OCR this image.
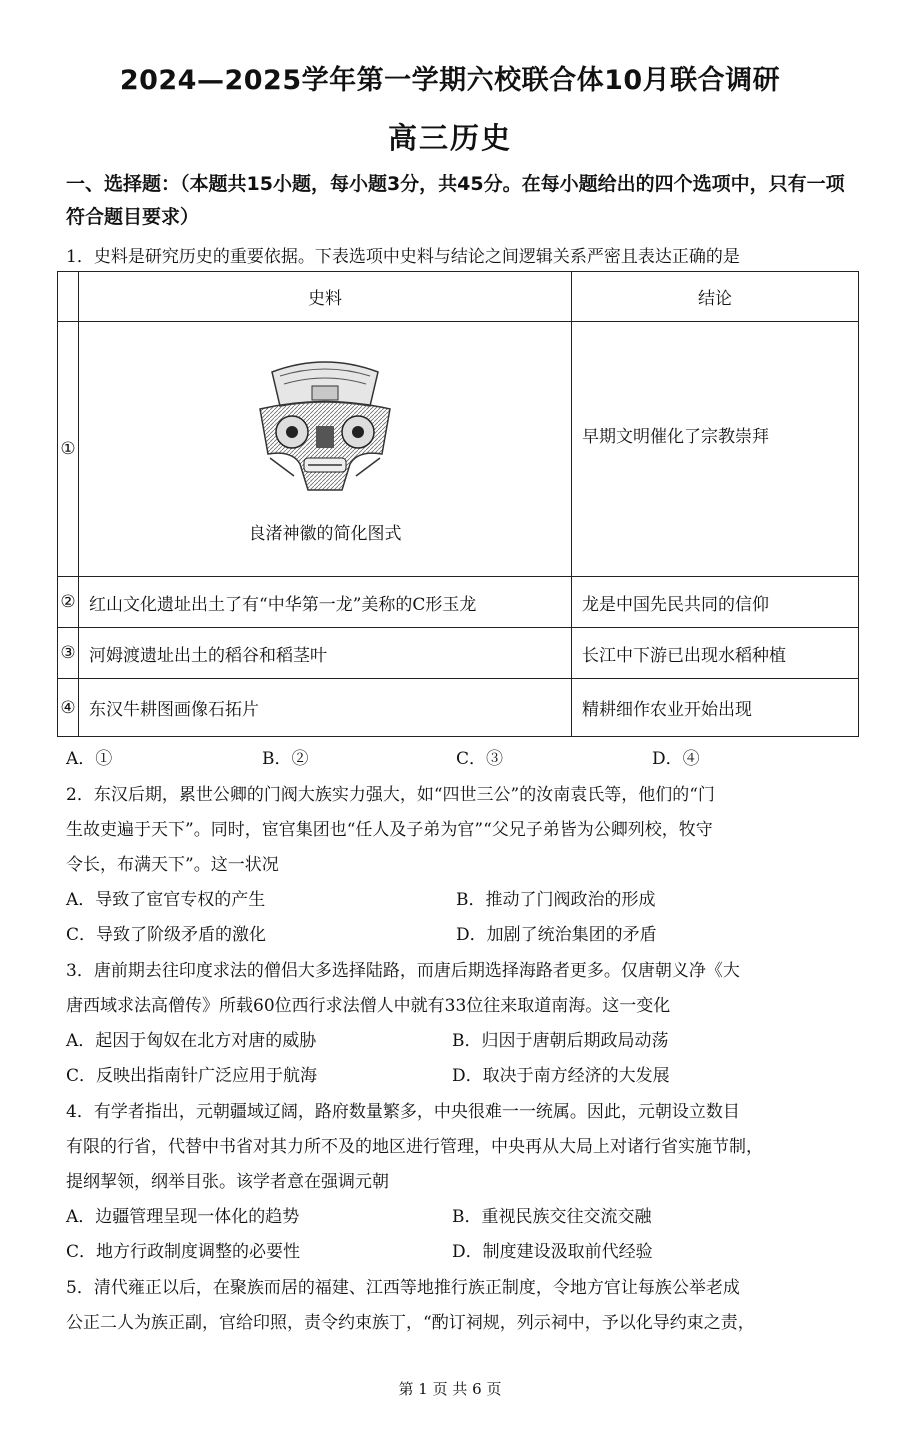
2024—2025学年第一学期六校联合体10月联合调研
高三历史
一、选择题：（本题共15小题，每小题3分，共45分。在每小题给出的四个选项中，只有一项符合题目要求）
1．史料是研究历史的重要依据。下表选项中史料与结论之间逻辑关系严密且表达正确的是
	史料	结论
①	良渚神徽的简化图式	早期文明催化了宗教崇拜
②	红山文化遗址出土了有“中华第一龙”美称的C形玉龙	龙是中国先民共同的信仰
③	河姆渡遗址出土的稻谷和稻茎叶	长江中下游已出现水稻种植
④	东汉牛耕图画像石拓片	精耕细作农业开始出现
A．①	B．②	C．③	D．④
2．东汉后期，累世公卿的门阀大族实力强大，如“四世三公”的汝南袁氏等，他们的“门
生故吏遍于天下”。同时，宦官集团也“任人及子弟为官”“父兄子弟皆为公卿列校，牧守
令长，布满天下”。这一状况
A．导致了宦官专权的产生	B．推动了门阀政治的形成
C．导致了阶级矛盾的激化	D．加剧了统治集团的矛盾
3．唐前期去往印度求法的僧侣大多选择陆路，而唐后期选择海路者更多。仅唐朝义净《大
唐西域求法高僧传》所载60位西行求法僧人中就有33位往来取道南海。这一变化
A．起因于匈奴在北方对唐的威胁	B．归因于唐朝后期政局动荡
C．反映出指南针广泛应用于航海	D．取决于南方经济的大发展
4．有学者指出，元朝疆域辽阔，路府数量繁多，中央很难一一统属。因此，元朝设立数目
有限的行省，代替中书省对其力所不及的地区进行管理，中央再从大局上对诸行省实施节制，
提纲挈领，纲举目张。该学者意在强调元朝
A．边疆管理呈现一体化的趋势	B．重视民族交往交流交融
C．地方行政制度调整的必要性	D．制度建设汲取前代经验
5．清代雍正以后，在聚族而居的福建、江西等地推行族正制度，令地方官让每族公举老成
公正二人为族正副，官给印照，责令约束族丁，“酌订祠规，列示祠中，予以化导约束之责，
第 1 页 共 6 页
